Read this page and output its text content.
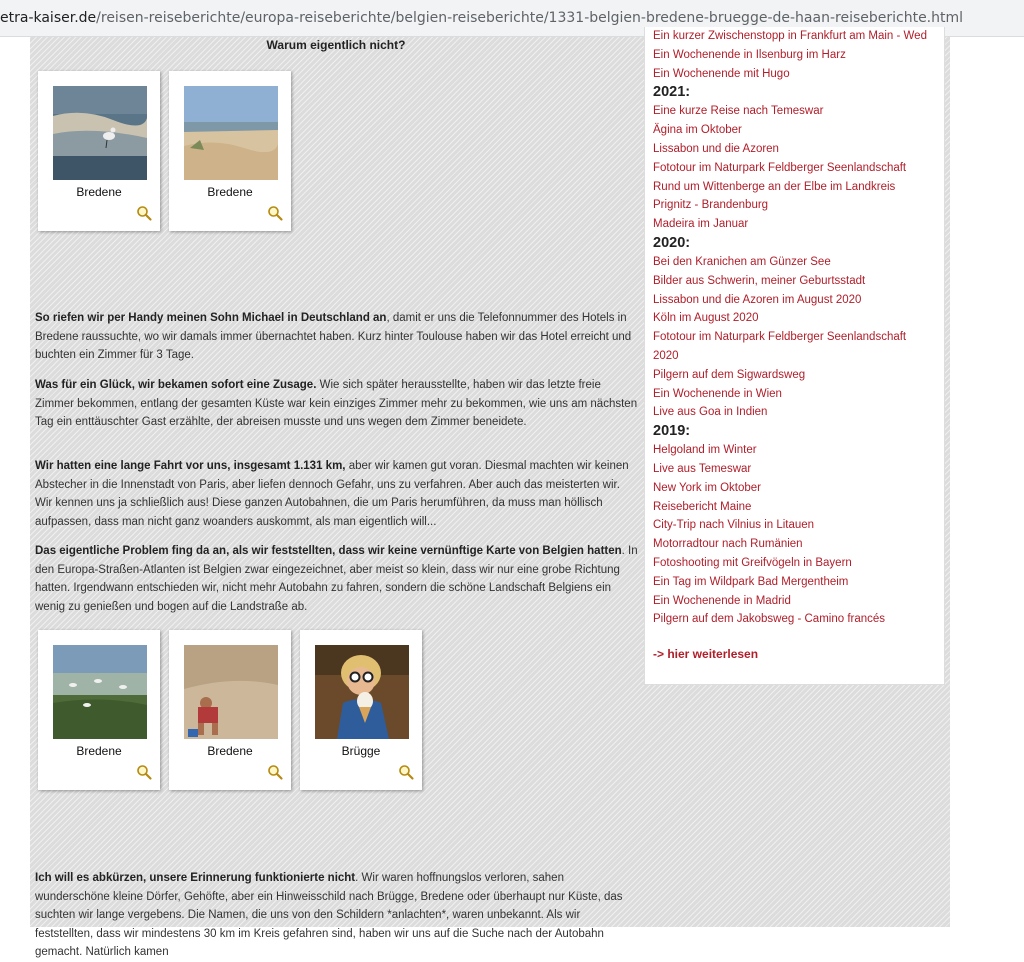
etra-kaiser.de/reisen-reiseberichte/europa-reiseberichte/belgien-reiseberichte/1331-belgien-bredene-bruegge-de-haan-reiseberichte.html
Warum eigentlich nicht?
Bredene	Bredene
So riefen wir per Handy meinen Sohn Michael in Deutschland an, damit er uns die Telefonnummer des Hotels in Bredene raussuchte, wo wir damals immer übernachtet haben. Kurz hinter Toulouse haben wir das Hotel erreicht und buchten ein Zimmer für 3 Tage.
Was für ein Glück, wir bekamen sofort eine Zusage. Wie sich später herausstellte, haben wir das letzte freie Zimmer bekommen, entlang der gesamten Küste war kein einziges Zimmer mehr zu bekommen, wie uns am nächsten Tag ein enttäuschter Gast erzählte, der abreisen musste und uns wegen dem Zimmer beneidete.
Wir hatten eine lange Fahrt vor uns, insgesamt 1.131 km, aber wir kamen gut voran. Diesmal machten wir keinen Abstecher in die Innenstadt von Paris, aber liefen dennoch Gefahr, uns zu verfahren. Aber auch das meisterten wir. Wir kennen uns ja schließlich aus! Diese ganzen Autobahnen, die um Paris herumführen, da muss man höllisch aufpassen, dass man nicht ganz woanders auskommt, als man eigentlich will...
Das eigentliche Problem fing da an, als wir feststellten, dass wir keine vernünftige Karte von Belgien hatten. In den Europa-Straßen-Atlanten ist Belgien zwar eingezeichnet, aber meist so klein, dass wir nur eine grobe Richtung hatten. Irgendwann entschieden wir, nicht mehr Autobahn zu fahren, sondern die schöne Landschaft Belgiens ein wenig zu genießen und bogen auf die Landstraße ab.
Bredene	Bredene	Brügge
Ich will es abkürzen, unsere Erinnerung funktionierte nicht. Wir waren hoffnungslos verloren, sahen wunderschöne kleine Dörfer, Gehöfte, aber ein Hinweisschild nach Brügge, Bredene oder überhaupt nur Küste, das suchten wir lange vergebens. Die Namen, die uns von den Schildern *anlachten*, waren unbekannt. Als wir feststellten, dass wir mindestens 30 km im Kreis gefahren sind, haben wir uns auf die Suche nach der Autobahn gemacht. Natürlich kamen
Ein kurzer Zwischenstopp in Frankfurt am Main - Wed
Ein Wochenende in Ilsenburg im Harz
Ein Wochenende mit Hugo
2021:
Eine kurze Reise nach Temeswar
Ägina im Oktober
Lissabon und die Azoren
Fototour im Naturpark Feldberger Seenlandschaft
Rund um Wittenberge an der Elbe im Landkreis
Prignitz - Brandenburg
Madeira im Januar
2020:
Bei den Kranichen am Günzer See
Bilder aus Schwerin, meiner Geburtsstadt
Lissabon und die Azoren im August 2020
Köln im August 2020
Fototour im Naturpark Feldberger Seenlandschaft
2020
Pilgern auf dem Sigwardsweg
Ein Wochenende in Wien
Live aus Goa in Indien
2019:
Helgoland im Winter
Live aus Temeswar
New York im Oktober
Reisebericht Maine
City-Trip nach Vilnius in Litauen
Motorradtour nach Rumänien
Fotoshooting mit Greifvögeln in Bayern
Ein Tag im Wildpark Bad Mergentheim
Ein Wochenende in Madrid
Pilgern auf dem Jakobsweg - Camino francés
-> hier weiterlesen
